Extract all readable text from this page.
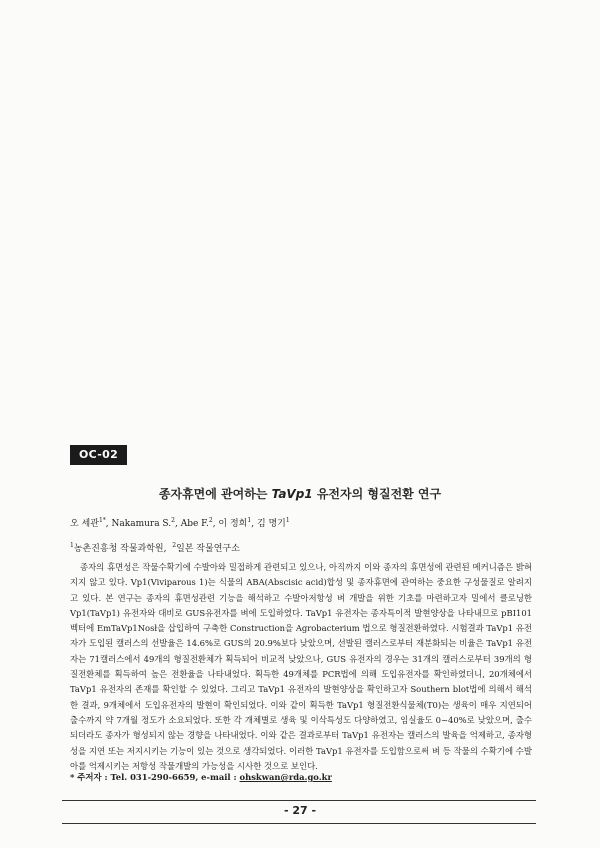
OC-02
종자휴면에 관여하는 TaVp1 유전자의 형질전환 연구
오 세관$^{1*}$, Nakamura S.$^2$, Abe F.$^2$, 이 정희$^1$, 김 명기$^1$
$^1$농촌진흥청 작물과학원,  $^2$일본 작물연구소

종자의 휴면성은 작물수확기에 수발아와 밀접하게 관련되고 있으나, 아직까지 이와 종자의 휴면성에 관련된 메커니즘은 밝혀지지 않고 있다. Vp1(Viviparous 1)는 식물의 ABA(Abscisic acid)합성 및 종자휴면에 관여하는 중요한 구성물질로 알려지고 있다. 본 연구는 종자의 휴면성관련 기능을 해석하고 수발아저항성 벼 개발을 위한 기초를 마련하고자 밀에서 클로닝한 Vp1(TaVp1) 유전자와 대비로 GUS유전자를 벼에 도입하였다. TaVp1 유전자는 종자특이적 발현양상을 나타내므로 pBI101 벡터에 EmTaVp1Nosł을 삽입하여 구축한 Construction을 Agrobacterium 법으로 형질전환하였다. 시험결과 TaVp1 유전자가 도입된 캘러스의 선발율은 14.6%로 GUS의 20.9%보다 낮았으며, 선발된 캘러스로부터 재분화되는 비율은 TaVp1 유전자는 71캘러스에서 49개의 형질전환체가 획득되어 비교적 낮았으나, GUS 유전자의 경우는 31개의 캘러스로부터 39개의 형질전환체를 획득하여 높은 전환율을 나타내었다. 획득한 49개체를 PCR법에 의해 도입유전자를 확인하였더니, 20개체에서 TaVp1 유전자의 존재를 확인할 수 있었다. 그리고 TaVp1 유전자의 발현양상을 확인하고자 Southern blot법에 의해서 해석한 결과, 9개체에서 도입유전자의 발현이 확인되었다. 이와 같이 획득한 TaVp1 형질전환식물체(T0)는 생육이 매우 지연되어 출수까지 약 7개월 정도가 소요되었다. 또한 각 개체별로 생육 및 이삭특성도 다양하였고, 임실율도 0~40%로 낮았으며, 출수되더라도 종자가 형성되지 않는 경향을 나타내었다. 이와 같은 결과로부터 TaVp1 유전자는 캘러스의 발육을 억제하고, 종자형성을 지연 또는 저지시키는 기능이 있는 것으로 생각되었다. 이러한 TaVp1 유전자를 도입함으로써 벼 등 작물의 수확기에 수발아를 억제시키는 저항성 작물개발의 가능성을 시사한 것으로 보인다.

* 주저자 : Tel. 031-290-6659, e-mail : ohskwan@rda.go.kr
- 27 -
